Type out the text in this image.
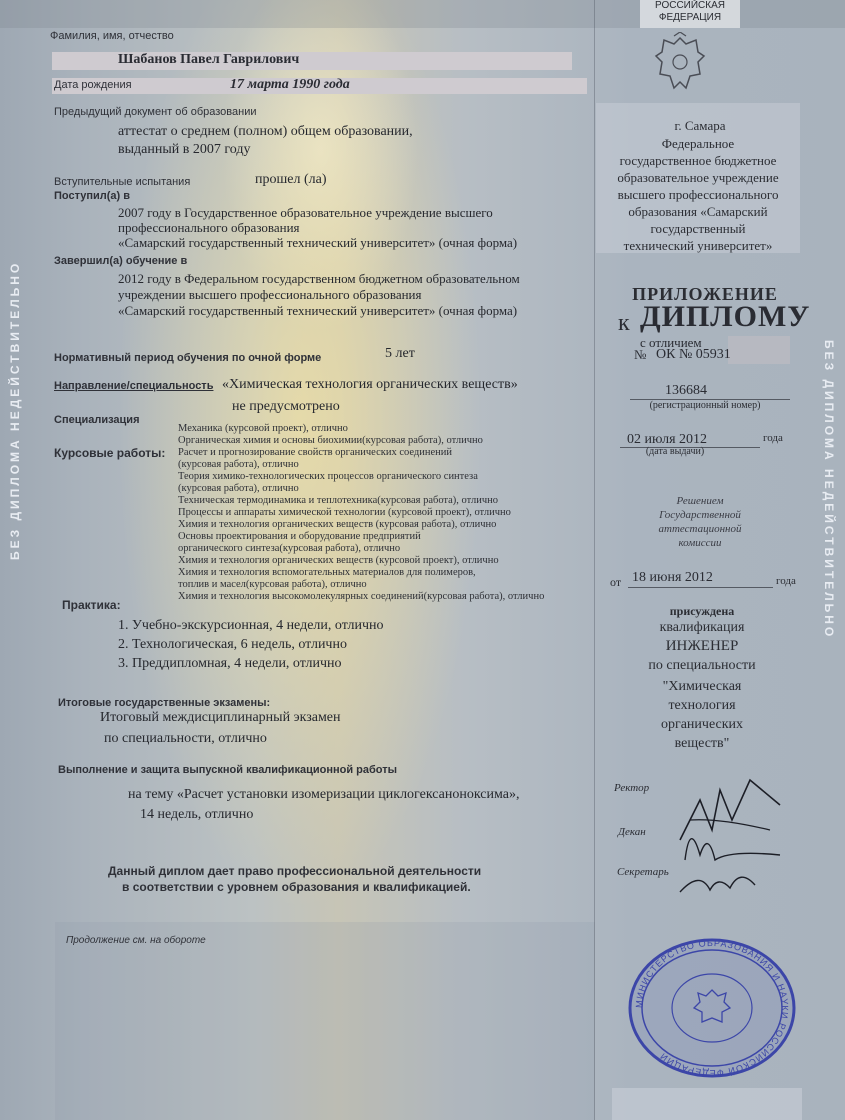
Фамилия, имя, отчество
Шабанов Павел Гаврилович
Дата рождения	17 марта 1990 года
Предыдущий документ об образовании
аттестат о среднем (полном) общем образовании,
выданный в 2007 году
Вступительные испытания	прошел (ла)
Поступил(а) в
2007 году в Государственное образовательное учреждение высшего
профессионального образования
«Самарский государственный технический университет» (очная форма)
Завершил(а) обучение в
2012 году в Федеральном государственном бюджетном образовательном
учреждении высшего профессионального образования
«Самарский государственный технический университет» (очная форма)
Нормативный период обучения по очной форме	5 лет
Направление/специальность «Химическая технология органических веществ»
Специализация
не предусмотрено
Курсовые работы:
Механика (курсовой проект), отлично
Органическая химия и основы биохимии(курсовая работа), отлично
Расчет и прогнозирование свойств органических соединений
(курсовая работа), отлично
Теория химико-технологических процессов органического синтеза
(курсовая работа), отлично
Техническая термодинамика и теплотехника(курсовая работа), отлично
Процессы и аппараты химической технологии (курсовой проект), отлично
Химия и технология органических веществ (курсовая работа), отлично
Основы проектирования и оборудование предприятий
органического синтеза(курсовая работа), отлично
Химия и технология органических веществ (курсовой проект), отлично
Химия и технология вспомогательных материалов для полимеров,
топлив и масел(курсовая работа), отлично
Химия и технология высокомолекулярных соединений(курсовая работа), отлично
Практика:
1. Учебно-экскурсионная, 4 недели, отлично
2. Технологическая, 6 недель, отлично
3. Преддипломная, 4 недели, отлично
Итоговые государственные экзамены:
Итоговый междисциплинарный экзамен
по специальности, отлично
Выполнение и защита выпускной квалификационной работы
на тему «Расчет установки изомеризации циклогексаноноксима»,
14 недель, отлично
Данный диплом дает право профессиональной деятельности
в соответствии с уровнем образования и квалификацией.
Продолжение см. на обороте
БЕЗ ДИПЛОМА НЕДЕЙСТВИТЕЛЬНО
РОССИЙСКАЯ
ФЕДЕРАЦИЯ
г. Самара
Федеральное
государственное бюджетное
образовательное учреждение
высшего профессионального
образования «Самарский
государственный
технический университет»
ПРИЛОЖЕНИЕ
к ДИПЛОМУ
с отличием
№ ОК № 05931
136684
(регистрационный номер)
02 июля 2012	года
(дата выдачи)
Решением
Государственной
аттестационной
комиссии
от 18 июня 2012	года
присуждена
квалификация
ИНЖЕНЕР
по специальности
"Химическая
технология
органических
веществ"
Ректор
Декан
Секретарь
МИНИСТЕРСТВО ОБРАЗОВАНИЯ И НАУКИ РОССИЙСКОЙ ФЕДЕРАЦИИ
БЕЗ ДИПЛОМА НЕДЕЙСТВИТЕЛЬНО
